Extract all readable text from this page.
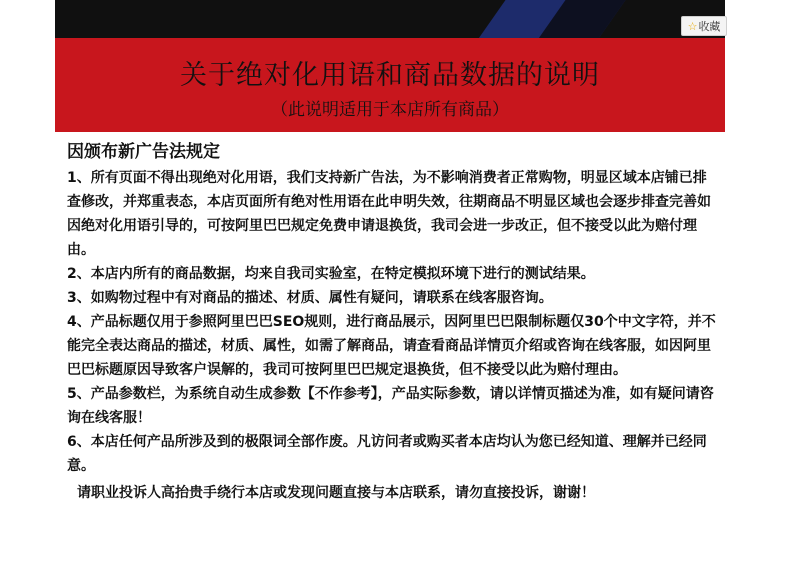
☆ 收藏
关于绝对化用语和商品数据的说明
（此说明适用于本店所有商品）

因颁布新广告法规定

1、所有页面不得出现绝对化用语，我们支持新广告法，为不影响消费者正常购物，明显区域本店铺已排查修改，并郑重表态，本店页面所有绝对性用语在此申明失效，往期商品不明显区域也会逐步排查完善如因绝对化用语引导的，可按阿里巴巴规定免费申请退换货，我司会进一步改正，但不接受以此为赔付理由。

2、本店内所有的商品数据，均来自我司实验室，在特定模拟环境下进行的测试结果。

3、如购物过程中有对商品的描述、材质、属性有疑问，请联系在线客服咨询。

4、产品标题仅用于参照阿里巴巴SEO规则，进行商品展示，因阿里巴巴限制标题仅30个中文字符，并不能完全表达商品的描述，材质、属性，如需了解商品，请查看商品详情页介绍或咨询在线客服，如因阿里巴巴标题原因导致客户误解的，我司可按阿里巴巴规定退换货，但不接受以此为赔付理由。

5、产品参数栏，为系统自动生成参数【不作参考】，产品实际参数，请以详情页描述为准，如有疑问请咨询在线客服！

6、本店任何产品所涉及到的极限词全部作废。凡访问者或购买者本店均认为您已经知道、理解并已经同意。

请职业投诉人高抬贵手绕行本店或发现问题直接与本店联系，请勿直接投诉，谢谢！
